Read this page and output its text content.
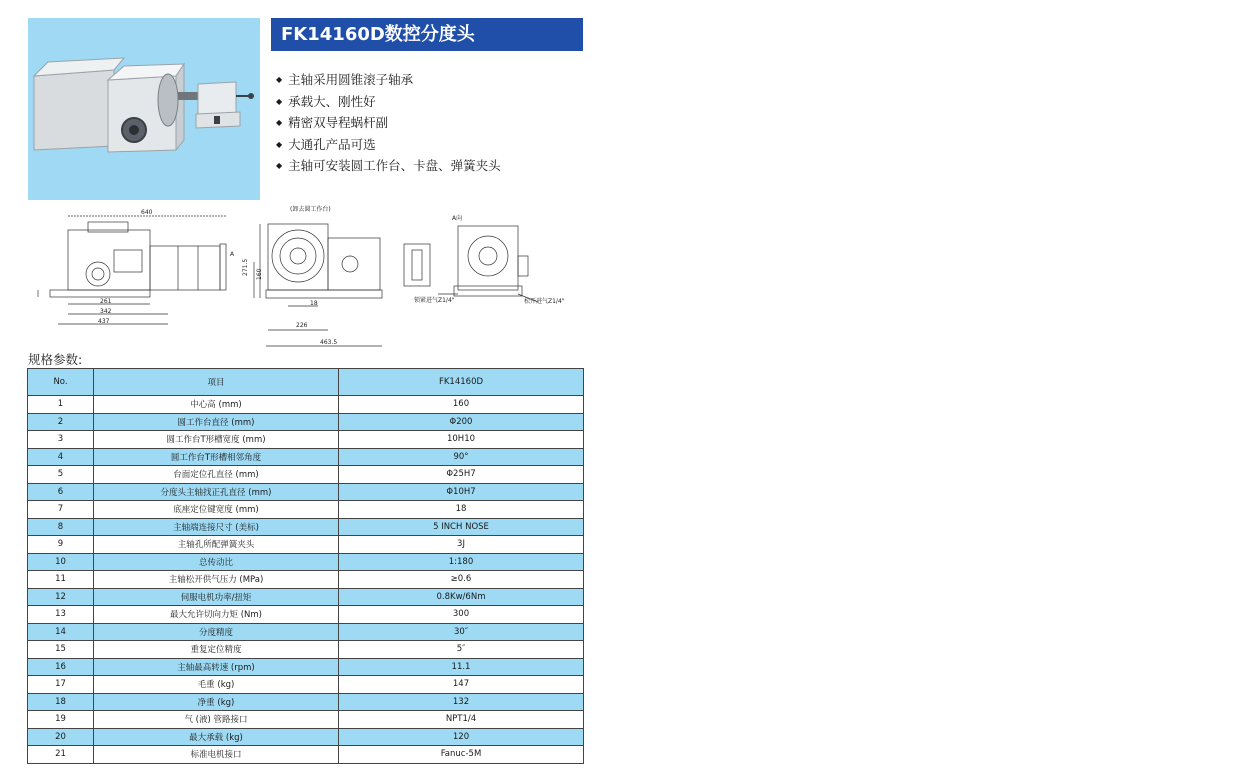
FK14160D数控分度头
◆ 主轴采用圆锥滚子轴承
◆ 承载大、刚性好
◆ 精密双导程蜗杆副
◆ 大通孔产品可选
◆ 主轴可安装圆工作台、卡盘、弹簧夹头
640
261
342
437
A
(卸去圆工作台)
271.5 160
18
226
463.5
A向
锁紧进气Z1/4"	松开进气Z1/4"
规格参数:
No.	项目	FK14160D
1	中心高 (mm)	160
2	圆工作台直径 (mm)	Φ200
3	圆工作台T形槽宽度 (mm)	10H10
4	圆工作台T形槽相邻角度	90°
5	台面定位孔直径 (mm)	Φ25H7
6	分度头主轴找正孔直径 (mm)	Φ10H7
7	底座定位键宽度 (mm)	18
8	主轴端连接尺寸 (美标)	5 INCH NOSE
9	主轴孔所配弹簧夹头	3J
10	总传动比	1:180
11	主轴松开供气压力 (MPa)	≥0.6
12	伺服电机功率/扭矩	0.8Kw/6Nm
13	最大允许切向力矩 (Nm)	300
14	分度精度	30″
15	重复定位精度	5″
16	主轴最高转速 (rpm)	11.1
17	毛重 (kg)	147
18	净重 (kg)	132
19	气 (液) 管路接口	NPT1/4
20	最大承载 (kg)	120
21	标准电机接口	Fanuc-5M
